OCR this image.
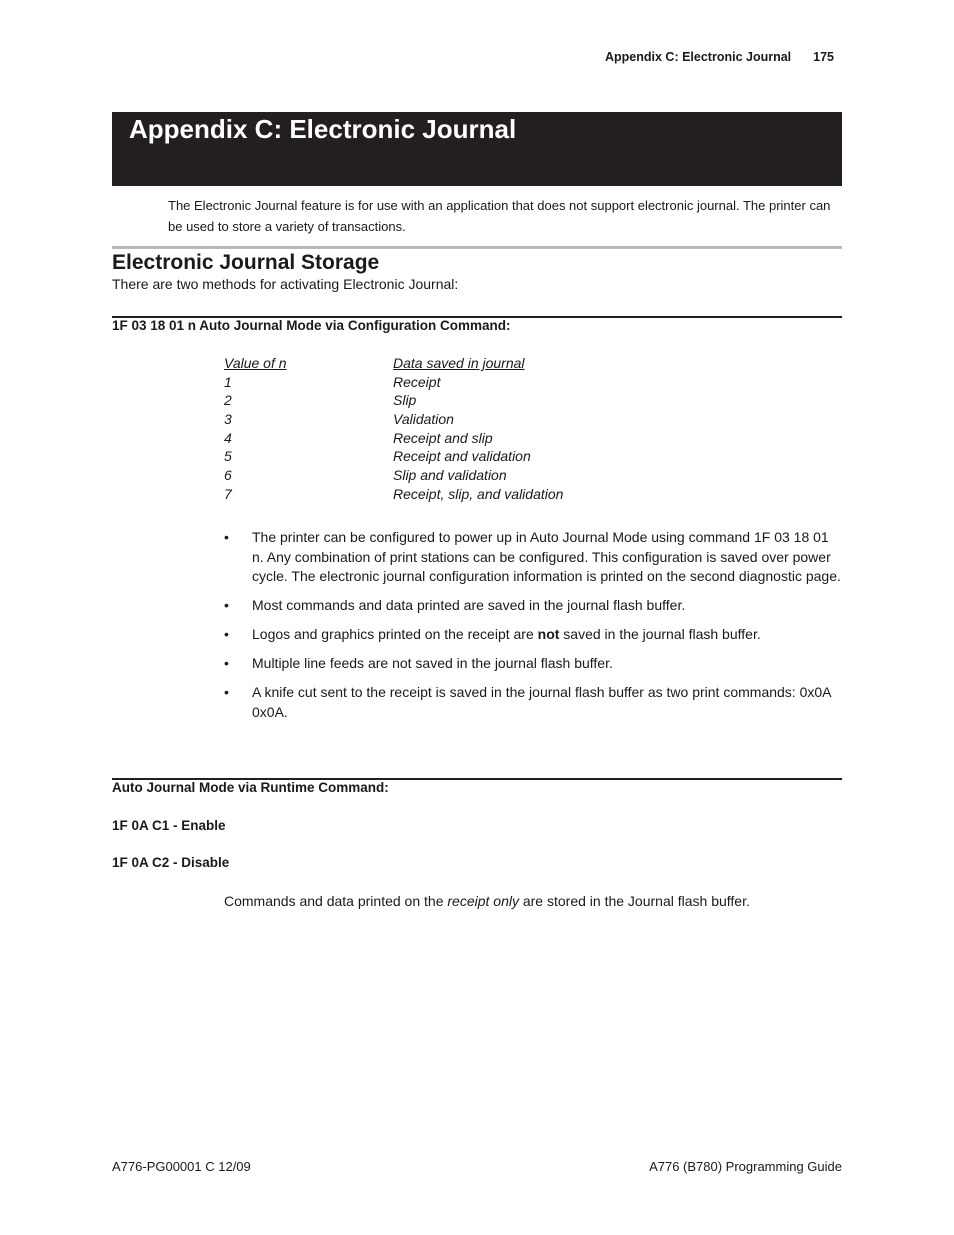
Appendix C: Electronic Journal 175
Appendix C: Electronic Journal
The Electronic Journal feature is for use with an application that does not support electronic journal. The printer can be used to store a variety of transactions.
Electronic Journal Storage
There are two methods for activating Electronic Journal:
1F 03 18 01 n Auto Journal Mode via Configuration Command:
Value of n	Data saved in journal
1	Receipt
2	Slip
3	Validation
4	Receipt and slip
5	Receipt and validation
6	Slip and validation
7	Receipt, slip, and validation
• The printer can be configured to power up in Auto Journal Mode using command 1F 03 18 01 n. Any combination of print stations can be configured. This configuration is saved over power cycle. The electronic journal configuration information is printed on the second diagnostic page.
• Most commands and data printed are saved in the journal flash buffer.
• Logos and graphics printed on the receipt are not saved in the journal flash buffer.
• Multiple line feeds are not saved in the journal flash buffer.
• A knife cut sent to the receipt is saved in the journal flash buffer as two print commands: 0x0A 0x0A.
Auto Journal Mode via Runtime Command:
1F 0A C1 - Enable
1F 0A C2 - Disable
Commands and data printed on the receipt only are stored in the Journal flash buffer.
A776-PG00001 C 12/09	A776 (B780) Programming Guide
